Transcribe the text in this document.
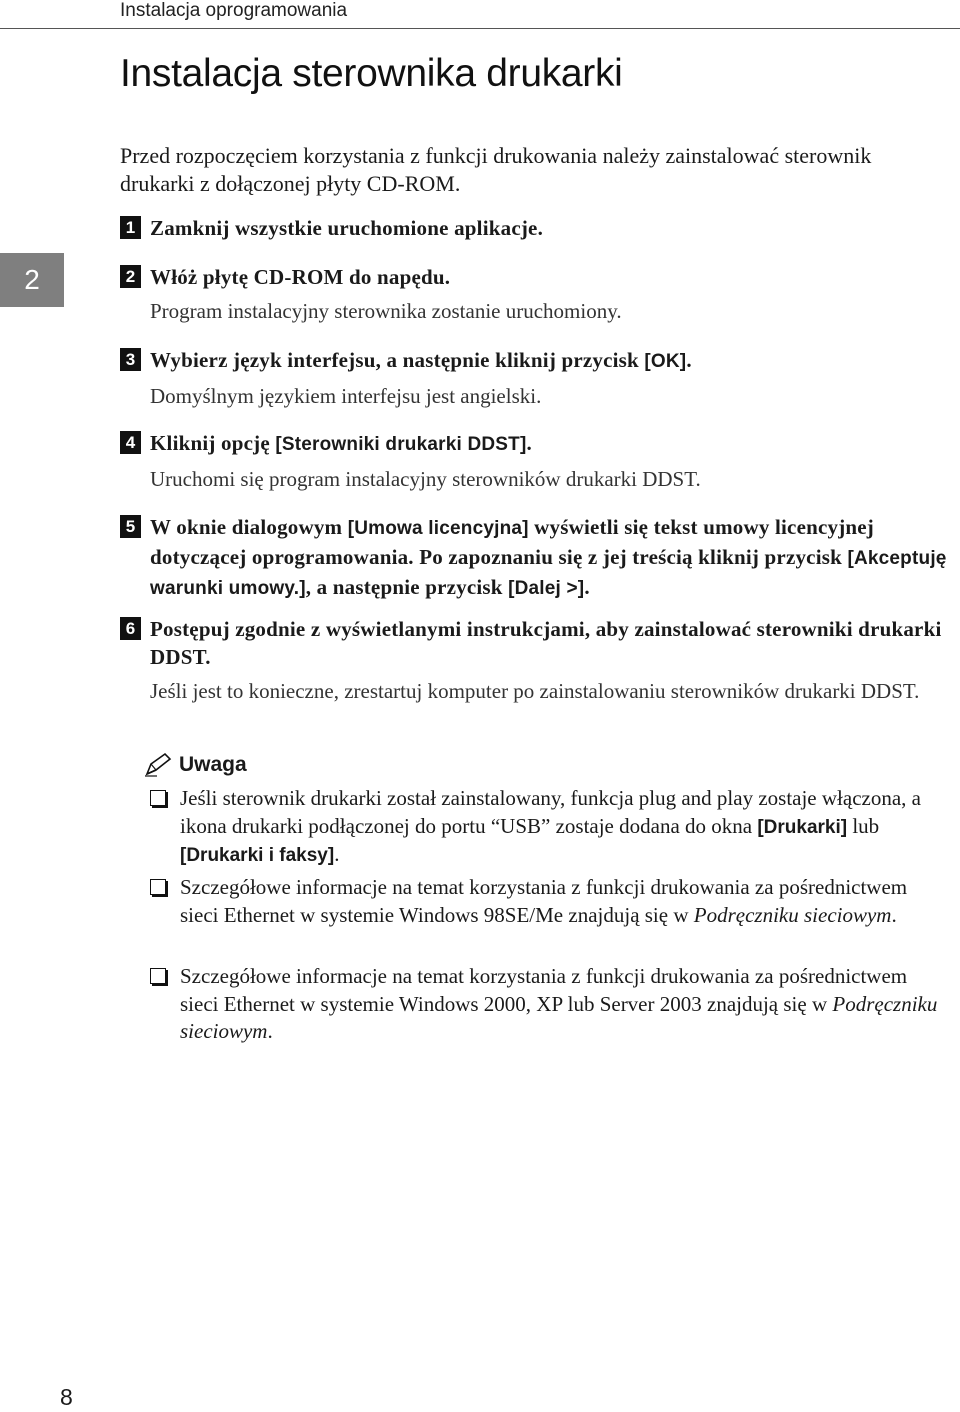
Instalacja oprogramowania
Instalacja sterownika drukarki
2

Przed rozpoczęciem korzystania z funkcji drukowania należy zainstalować sterownik drukarki z dołączonej płyty CD-ROM.

1 Zamknij wszystkie uruchomione aplikacje.

2 Włóż płytę CD-ROM do napędu.

Program instalacyjny sterownika zostanie uruchomiony.

3 Wybierz język interfejsu, a następnie kliknij przycisk [OK].

Domyślnym językiem interfejsu jest angielski.

4 Kliknij opcję [Sterowniki drukarki DDST].

Uruchomi się program instalacyjny sterowników drukarki DDST.

5 W oknie dialogowym [Umowa licencyjna] wyświetli się tekst umowy licencyjnej dotyczącej oprogramowania. Po zapoznaniu się z jej treścią kliknij przycisk [Akceptuję warunki umowy.], a następnie przycisk [Dalej >].

6 Postępuj zgodnie z wyświetlanymi instrukcjami, aby zainstalować sterowniki drukarki DDST.

Jeśli jest to konieczne, zrestartuj komputer po zainstalowaniu sterowników drukarki DDST.

Uwaga
Jeśli sterownik drukarki został zainstalowany, funkcja plug and play zostaje włączona, a ikona drukarki podłączonej do portu “USB” zostaje dodana do okna [Drukarki] lub [Drukarki i faksy].
Szczegółowe informacje na temat korzystania z funkcji drukowania za pośrednictwem sieci Ethernet w systemie Windows 98SE/Me znajdują się w Podręczniku sieciowym.
Szczegółowe informacje na temat korzystania z funkcji drukowania za pośrednictwem sieci Ethernet w systemie Windows 2000, XP lub Server 2003 znajdują się w Podręczniku sieciowym.
8
